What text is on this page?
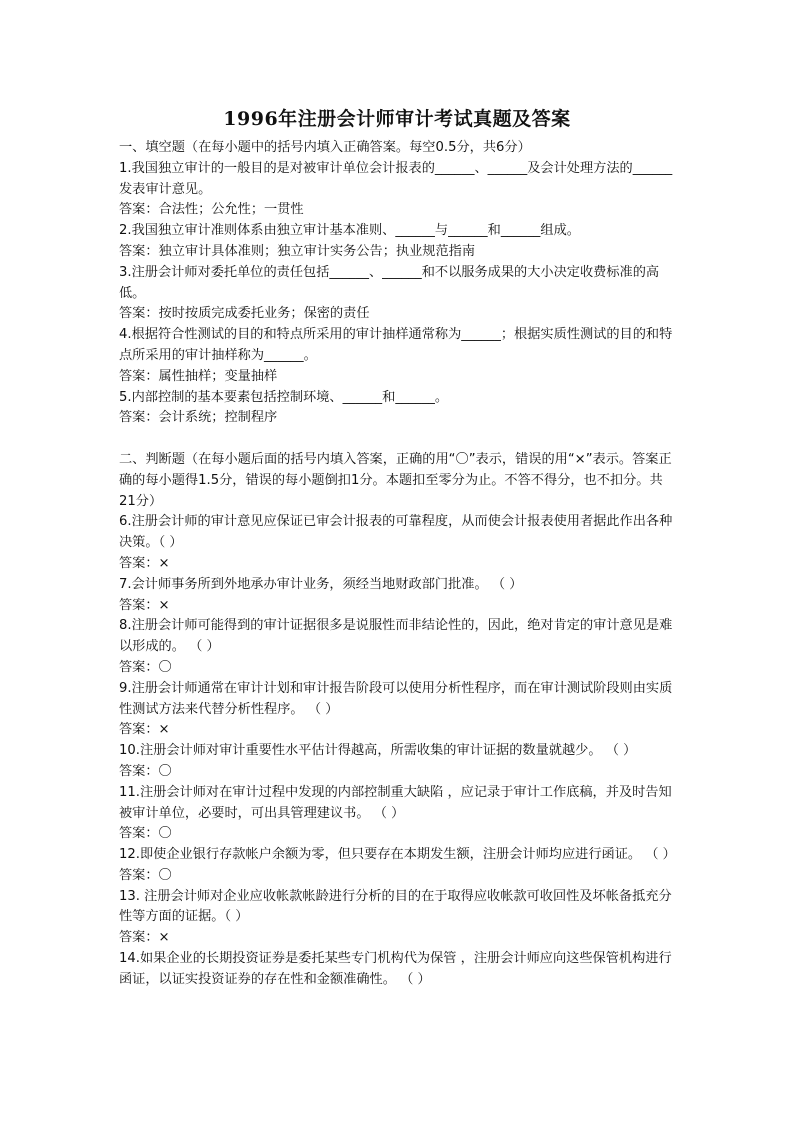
1996年注册会计师审计考试真题及答案

一、填空题（在每小题中的括号内填入正确答案。每空0.5分，共6分）

1.我国独立审计的一般目的是对被审计单位会计报表的______、______及会计处理方法的______发表审计意见。

答案：合法性；公允性；一贯性

2.我国独立审计准则体系由独立审计基本准则、______与______和______组成。

答案：独立审计具体准则；独立审计实务公告；执业规范指南

3.注册会计师对委托单位的责任包括______、______和不以服务成果的大小决定收费标准的高低。

答案：按时按质完成委托业务；保密的责任

4.根据符合性测试的目的和特点所采用的审计抽样通常称为______；根据实质性测试的目的和特点所采用的审计抽样称为______。

答案：属性抽样；变量抽样

5.内部控制的基本要素包括控制环境、______和______。

答案：会计系统；控制程序

二、判断题（在每小题后面的括号内填入答案，正确的用“〇”表示，错误的用“×”表示。答案正确的每小题得1.5分，错误的每小题倒扣1分。本题扣至零分为止。不答不得分，也不扣分。共21分）

6.注册会计师的审计意见应保证已审会计报表的可靠程度，从而使会计报表使用者据此作出各种决策。（ ）

答案：×

7.会计师事务所到外地承办审计业务，须经当地财政部门批准。 （ ）

答案：×

8.注册会计师可能得到的审计证据很多是说服性而非结论性的，因此，绝对肯定的审计意见是难以形成的。 （ ）

答案：〇

9.注册会计师通常在审计计划和审计报告阶段可以使用分析性程序，而在审计测试阶段则由实质性测试方法来代替分析性程序。 （ ）

答案：×

10.注册会计师对审计重要性水平估计得越高，所需收集的审计证据的数量就越少。 （ ）

答案：〇

11.注册会计师对在审计过程中发现的内部控制重大缺陷 ，应记录于审计工作底稿，并及时告知被审计单位，必要时，可出具管理建议书。 （ ）

答案：〇

12.即使企业银行存款帐户余额为零，但只要存在本期发生额，注册会计师均应进行函证。 （ ）

答案：〇

13. 注册会计师对企业应收帐款帐龄进行分析的目的在于取得应收帐款可收回性及坏帐备抵充分性等方面的证据。（ ）

答案：×

14.如果企业的长期投资证券是委托某些专门机构代为保管 ，注册会计师应向这些保管机构进行函证，以证实投资证券的存在性和金额准确性。 （ ）
